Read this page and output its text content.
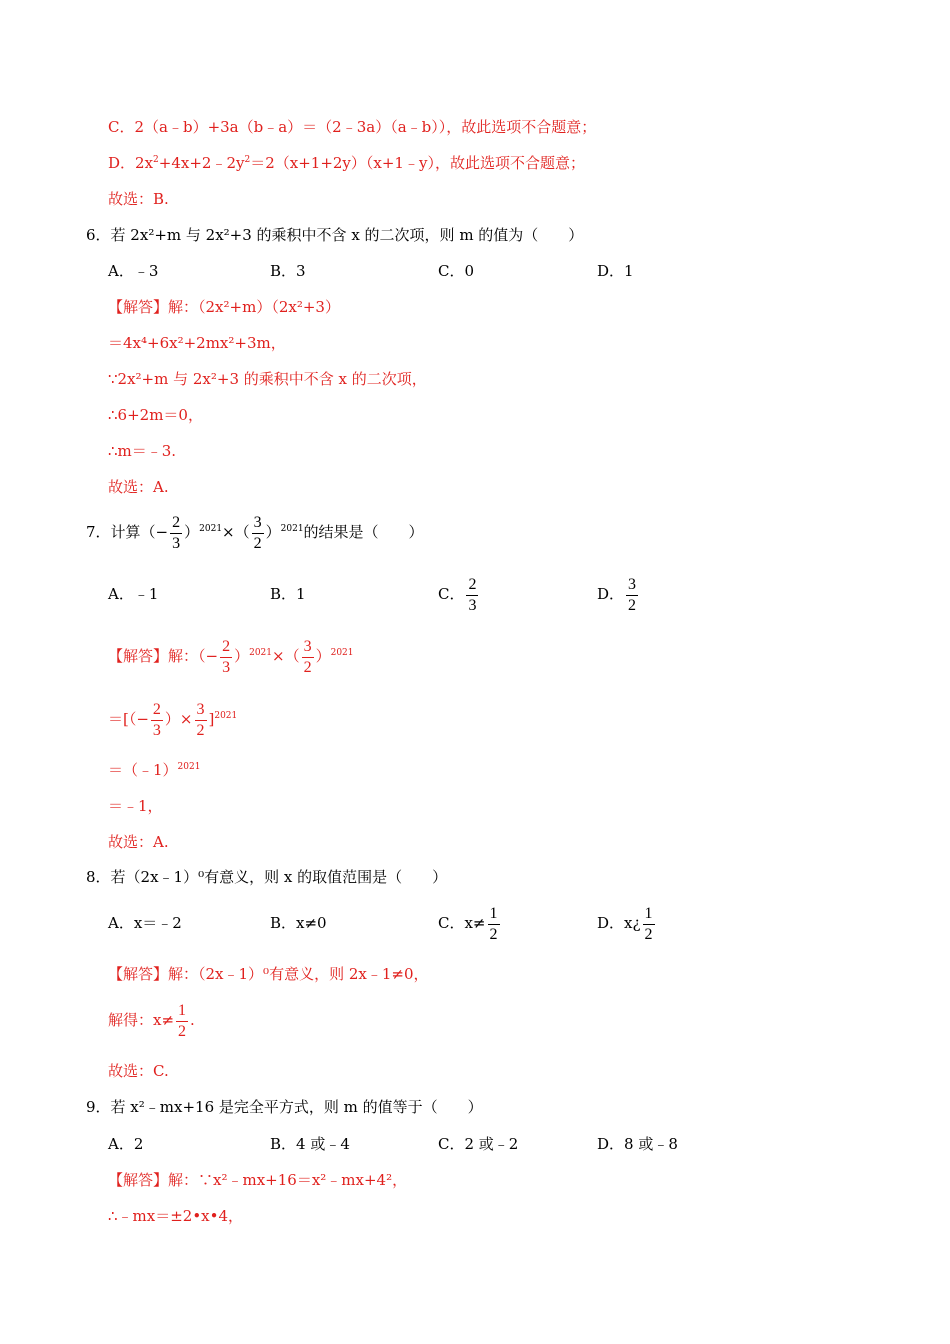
C．2（a﹣b）+3a（b﹣a）＝（2﹣3a）（a﹣b）），故此选项不合题意；
D．$2x^2+4x+2﹣2y^2=2(x+1+2y)(x+1﹣y)$，故此选项不合题意；
故选：B.
6．若 2x²+m 与 2x²+3 的乘积中不含 x 的二次项，则 m 的值为（　　）
A．﹣3	B．3	C．0	D．1
【解答】解：（2x²+m）（2x²+3）
＝4x⁴+6x²+2mx²+3m，
∵2x²+m 与 2x²+3 的乘积中不含 x 的二次项，
∴6+2m＝0，
∴m＝﹣3.
故选：A.
7．计算（− $\frac{2}{3} )^{2021}\times( \frac{3}{2} )^{2021}$的结果是（　　）
A．﹣1	B．1	C． $\frac{2}{3}$	D． $\frac{3}{2}$
【解答】解：（− $\frac{2}{3} )^{2021}\times( \frac{3}{2} )^{2021}$
＝[（− $\frac{2}{3}$ ）× $\frac{3}{2} ]^{2021}$
＝（﹣1）$^{2021}$
＝﹣1，
故选：A.
8．若（2x﹣1）⁰有意义，则 x 的取值范围是（　　）
A．x＝﹣2	B．x≠0	C．$x\ne \frac{1}{2}$	D．x¿ $\frac{1}{2}$
【解答】解：（2x﹣1）⁰有意义，则 2x﹣1≠0，
解得：$x\ne \frac{1}{2}$ .
故选：C.
9．若 x²﹣mx+16 是完全平方式，则 m 的值等于（　　）
A．2	B．4 或﹣4	C．2 或﹣2	D．8 或﹣8
【解答】解：∵x²﹣mx+16＝x²﹣mx+4²，
∴﹣mx＝±2•x•4，
